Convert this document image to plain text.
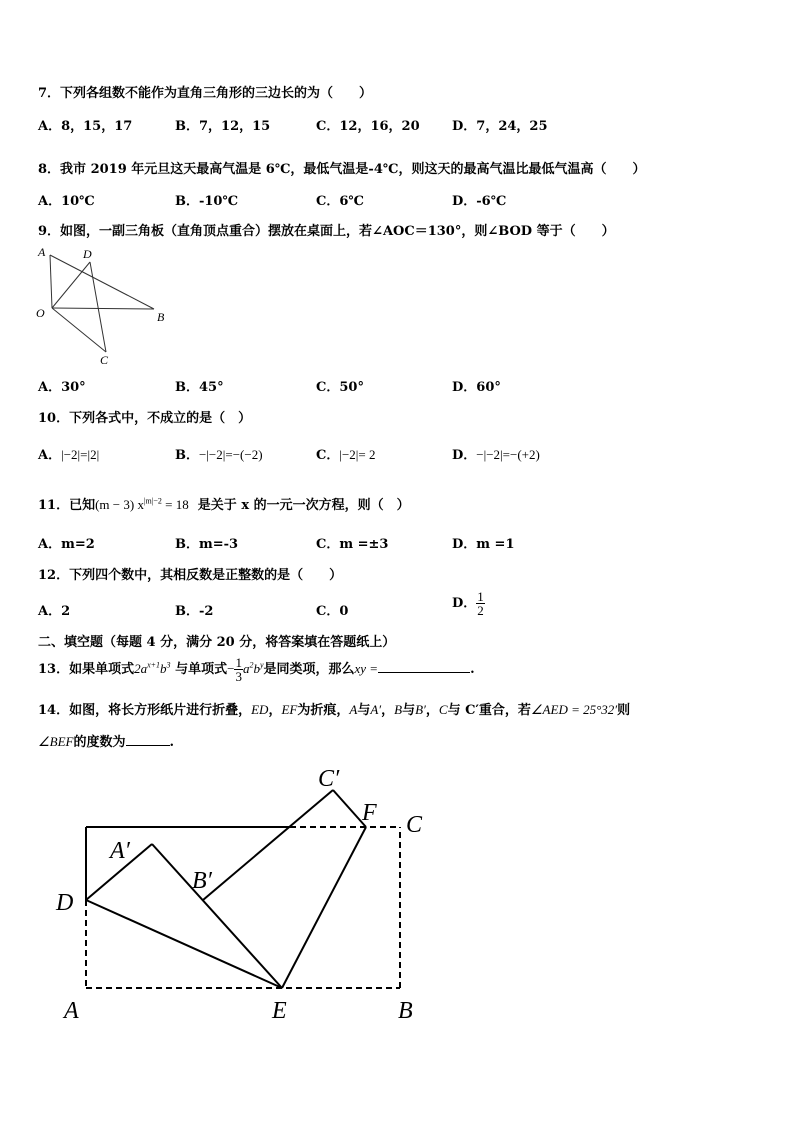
7．下列各组数不能作为直角三角形的三边长的为（　　）
A．8，15，17	B．7，12，15	C．12，16，20 D．7，24，25
8．我市 2019 年元旦这天最高气温是 6℃，最低气温是-4℃，则这天的最高气温比最低气温高（　　）
A．10℃	B．-10℃	C．6℃	D．-6℃
9．如图，一副三角板（直角顶点重合）摆放在桌面上，若∠AOC＝130°，则∠BOD 等于（　　）
A	D
O	B
C
A．30°	B．45°	C．50°	D．60°
10．下列各式中，不成立的是（　）
A．|−2|=|2|	B．−|−2|=−(−2)	C．|−2|= 2	D．−|−2|=−(+2)
11．已知(m − 3) $x^{|m|-2} = 18$ 是关于 x 的一元一次方程，则（　）
A．m=2	B．m=-3	C．m =±3	D．m =1
12．下列四个数中，其相反数是正整数的是（　　）
A．2	B．-2	C．0
D． $\frac{1}{2}$
二、填空题（每题 4 分，满分 20 分，将答案填在答题纸上）
13．如果单项式$2a^{x+1}b^3$ 与单项式− $\frac{1}{3} a^2b^y$是同类项，那么xy =	.
14．如图，将长方形纸片进行折叠，ED，EF为折痕，A与A′，B与B′，C与 C′重合，若∠AED = 25°32′则
∠BEF的度数为	.
C′
F C
A′
B′
D
A	E	B
